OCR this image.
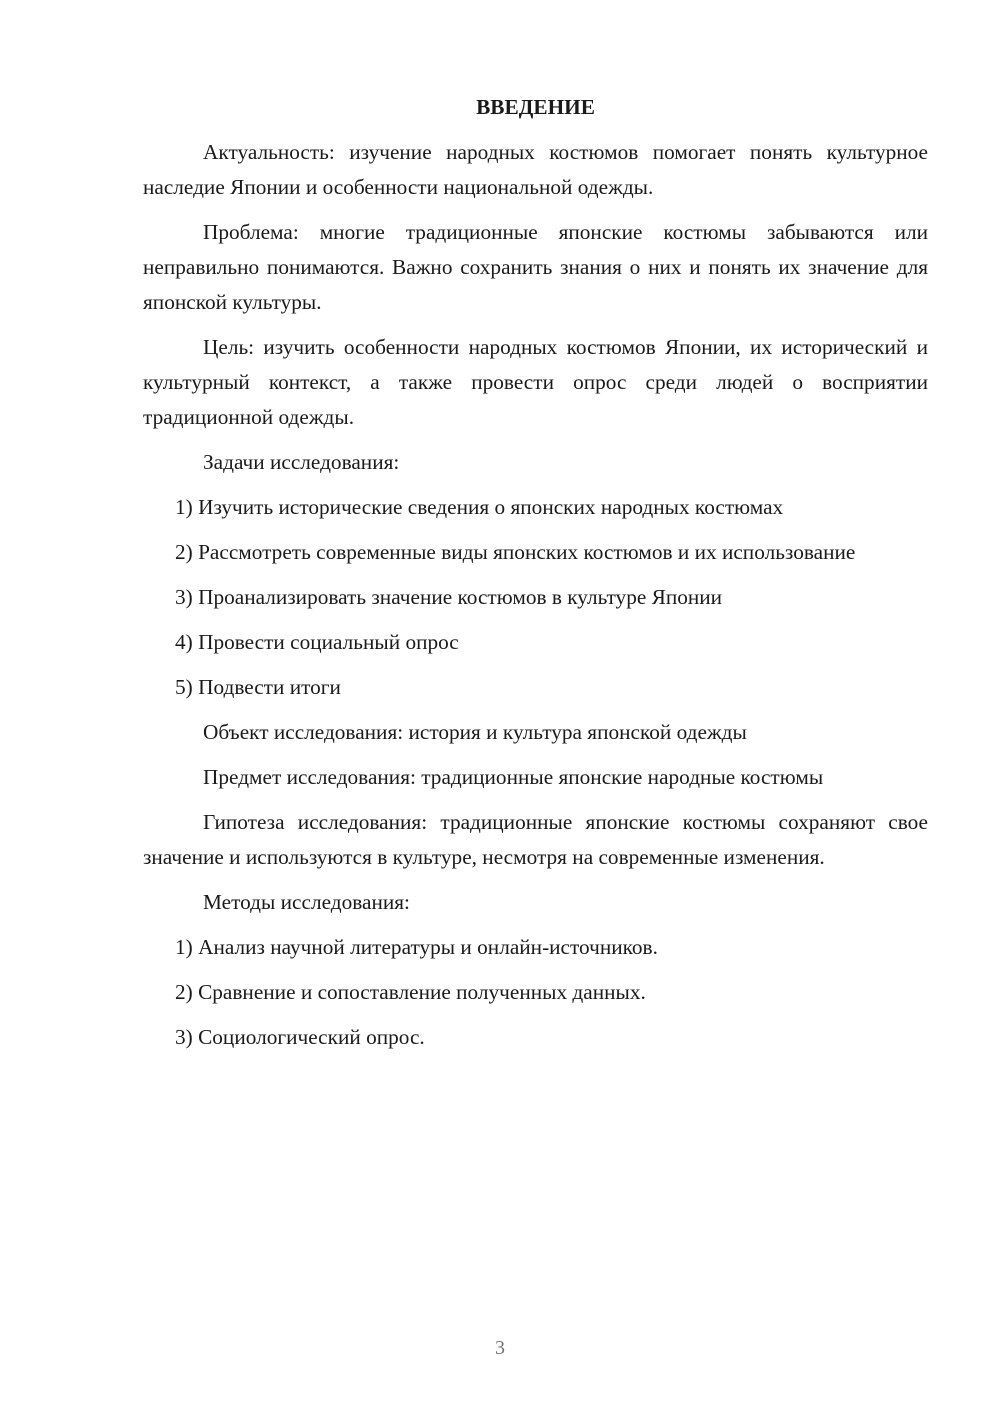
ВВЕДЕНИЕ
Актуальность: изучение народных костюмов помогает понять культурное наследие Японии и особенности национальной одежды.
Проблема: многие традиционные японские костюмы забываются или неправильно понимаются. Важно сохранить знания о них и понять их значение для японской культуры.
Цель: изучить особенности народных костюмов Японии, их исторический и культурный контекст, а также провести опрос среди людей о восприятии традиционной одежды.
Задачи исследования:
1) Изучить исторические сведения о японских народных костюмах
2) Рассмотреть современные виды японских костюмов и их использование
3) Проанализировать значение костюмов в культуре Японии
4) Провести социальный опрос
5) Подвести итоги
Объект исследования: история и культура японской одежды
Предмет исследования: традиционные японские народные костюмы
Гипотеза исследования: традиционные японские костюмы сохраняют свое значение и используются в культуре, несмотря на современные изменения.
Методы исследования:
1) Анализ научной литературы и онлайн-источников.
2) Сравнение и сопоставление полученных данных.
3) Социологический опрос.
3
